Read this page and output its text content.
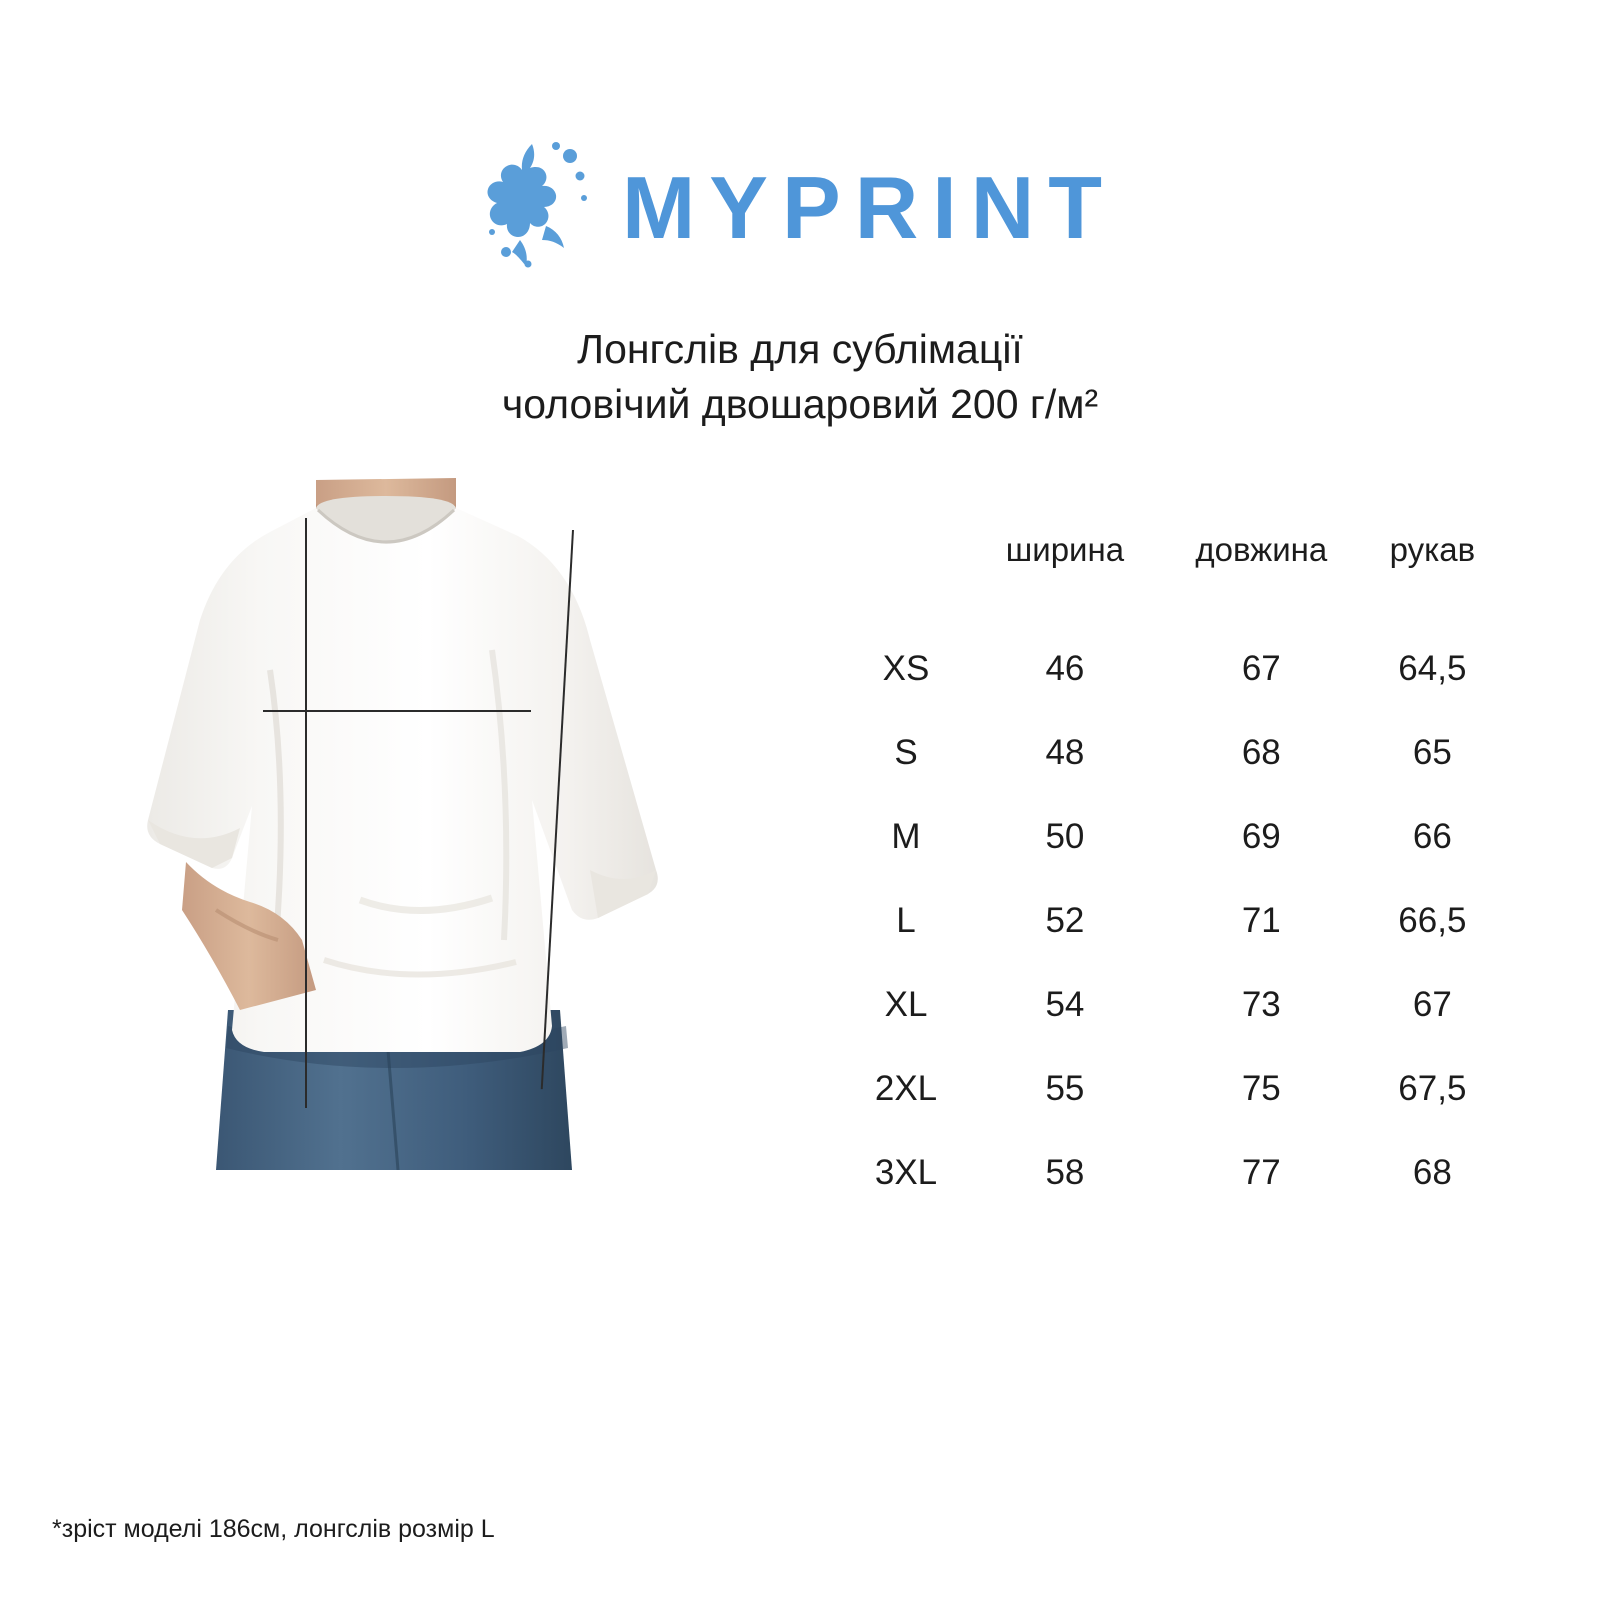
MYPRINT
Лонгслів для сублімації
чоловічий двошаровий 200 г/м²
	ширина	довжина	рукав
XS	46	67	64,5
S	48	68	65
M	50	69	66
L	52	71	66,5
XL	54	73	67
2XL	55	75	67,5
3XL	58	77	68
*зріст моделі 186см, лонгслів розмір L
